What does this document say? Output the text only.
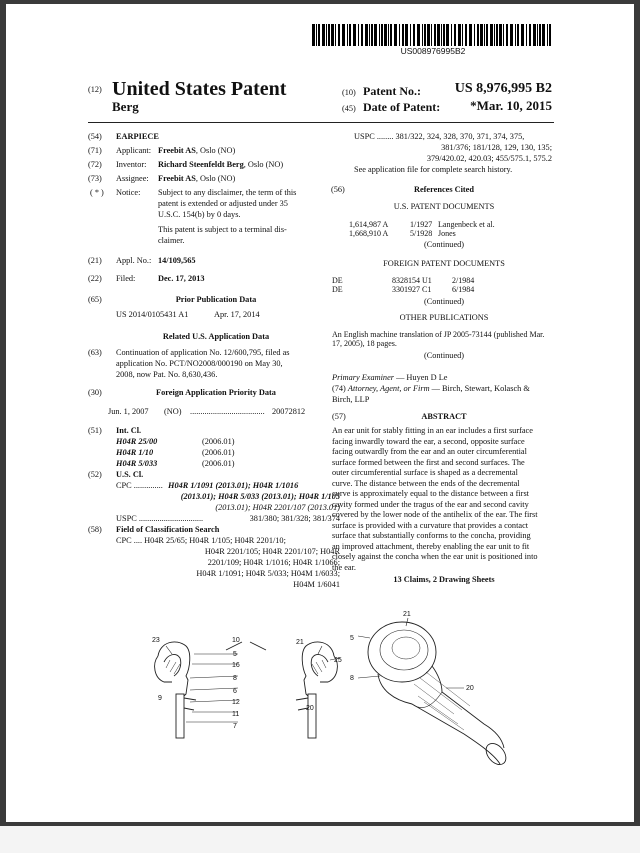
US008976995B2
(12) United States Patent
Berg
(10) Patent No.:	US 8,976,995 B2
(45) Date of Patent:	*Mar. 10, 2015
(54) EARPIECE
(71) Applicant: Freebit AS, Oslo (NO)
(72) Inventor: Richard Steenfeldt Berg, Oslo (NO)
(73) Assignee: Freebit AS, Oslo (NO)
( * ) Notice: Subject to any disclaimer, the term of this
patent is extended or adjusted under 35
U.S.C. 154(b) by 0 days.
This patent is subject to a terminal dis-
claimer.
(21) Appl. No.: 14/109,565
(22) Filed:	Dec. 17, 2013
(65)	Prior Publication Data
US 2014/0105431 A1	Apr. 17, 2014
Related U.S. Application Data
(63) Continuation of application No. 12/600,795, filed as
application No. PCT/NO2008/000190 on May 30,
2008, now Pat. No. 8,630,436.
(30)	Foreign Application Priority Data
Jun. 1, 2007 (NO) .................................... 20072812
(51) Int. Cl.
H04R 25/00	(2006.01)
H04R 1/10	(2006.01)
H04R 5/033	(2006.01)
(52) U.S. Cl.
CPC .............. H04R 1/1091 (2013.01); H04R 1/1016
(2013.01); H04R 5/033 (2013.01); H04R 1/105
(2013.01); H04R 2201/107 (2013.01)
USPC ...............................	381/380; 381/328; 381/374
(58) Field of Classification Search
CPC .... H04R 25/65; H04R 1/105; H04R 2201/10;
H04R 2201/105; H04R 2201/107; H04R
2201/109; H04R 1/1016; H04R 1/1066;
H04R 1/1091; H04R 5/033; H04M 1/6033;
H04M 1/6041
USPC ........ 381/322, 324, 328, 370, 371, 374, 375,
381/376; 181/128, 129, 130, 135;
379/420.02, 420.03; 455/575.1, 575.2
See application file for complete search history.
(56)	References Cited
U.S. PATENT DOCUMENTS
1,614,987 A	1/1927 Langenbeck et al.
1,668,910 A	5/1928 Jones
(Continued)
FOREIGN PATENT DOCUMENTS
DE	8328154 U1	2/1984
DE	3301927 C1	6/1984
(Continued)
OTHER PUBLICATIONS
An English machine translation of JP 2005-73144 (published Mar.
17, 2005), 18 pages.
(Continued)
Primary Examiner — Huyen D Le
(74) Attorney, Agent, or Firm — Birch, Stewart, Kolasch &
Birch, LLP
(57)	ABSTRACT
An ear unit for stably fitting in an ear includes a first surface
facing inwardly toward the ear, a second, opposite surface
facing outwardly from the ear and an outer circumferential
surface formed between the first and second surfaces. The
outer circumferential surface is shaped as a decremental
curve. The distance between the ends of the decremental
curve is approximately equal to the distance between a first
cavity formed under the tragus of the ear and second cavity
covered by the lower node of the antihelix of the ear. The first
surface is provided with a curvature that provides a contact
surface that substantially conforms to the concha, providing
an improved attachment, thereby enabling the ear unit to fit
closely against the concha when the ear unit is positioned into
the ear.
13 Claims, 2 Drawing Sheets
23	10	21
5
25
16
8
6
9
12
20
11
7
21
5
8
20
